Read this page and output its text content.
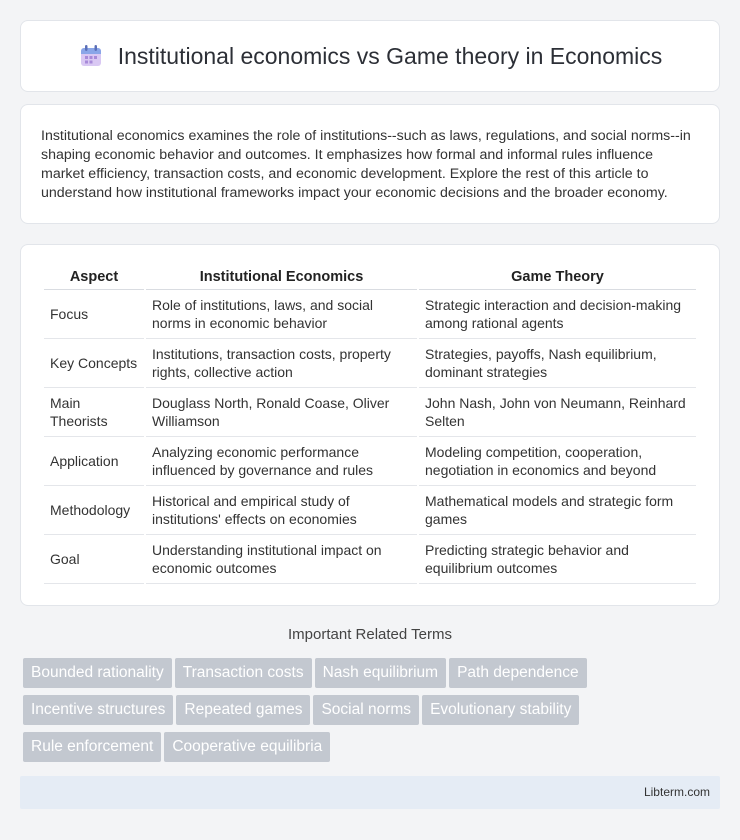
Institutional economics vs Game theory in Economics

Institutional economics examines the role of institutions--such as laws, regulations, and social norms--in shaping economic behavior and outcomes. It emphasizes how formal and informal rules influence market efficiency, transaction costs, and economic development. Explore the rest of this article to understand how institutional frameworks impact your economic decisions and the broader economy.

Aspect	Institutional Economics	Game Theory
Focus	Role of institutions, laws, and social norms in economic behavior	Strategic interaction and decision-making among rational agents
Key Concepts	Institutions, transaction costs, property rights, collective action	Strategies, payoffs, Nash equilibrium, dominant strategies
Main Theorists	Douglass North, Ronald Coase, Oliver Williamson	John Nash, John von Neumann, Reinhard Selten
Application	Analyzing economic performance influenced by governance and rules	Modeling competition, cooperation, negotiation in economics and beyond
Methodology	Historical and empirical study of institutions' effects on economies	Mathematical models and strategic form games
Goal	Understanding institutional impact on economic outcomes	Predicting strategic behavior and equilibrium outcomes
Important Related Terms
Bounded rationality Transaction costs Nash equilibrium Path dependence
Incentive structures Repeated games Social norms Evolutionary stability
Rule enforcement Cooperative equilibria
Libterm.com
